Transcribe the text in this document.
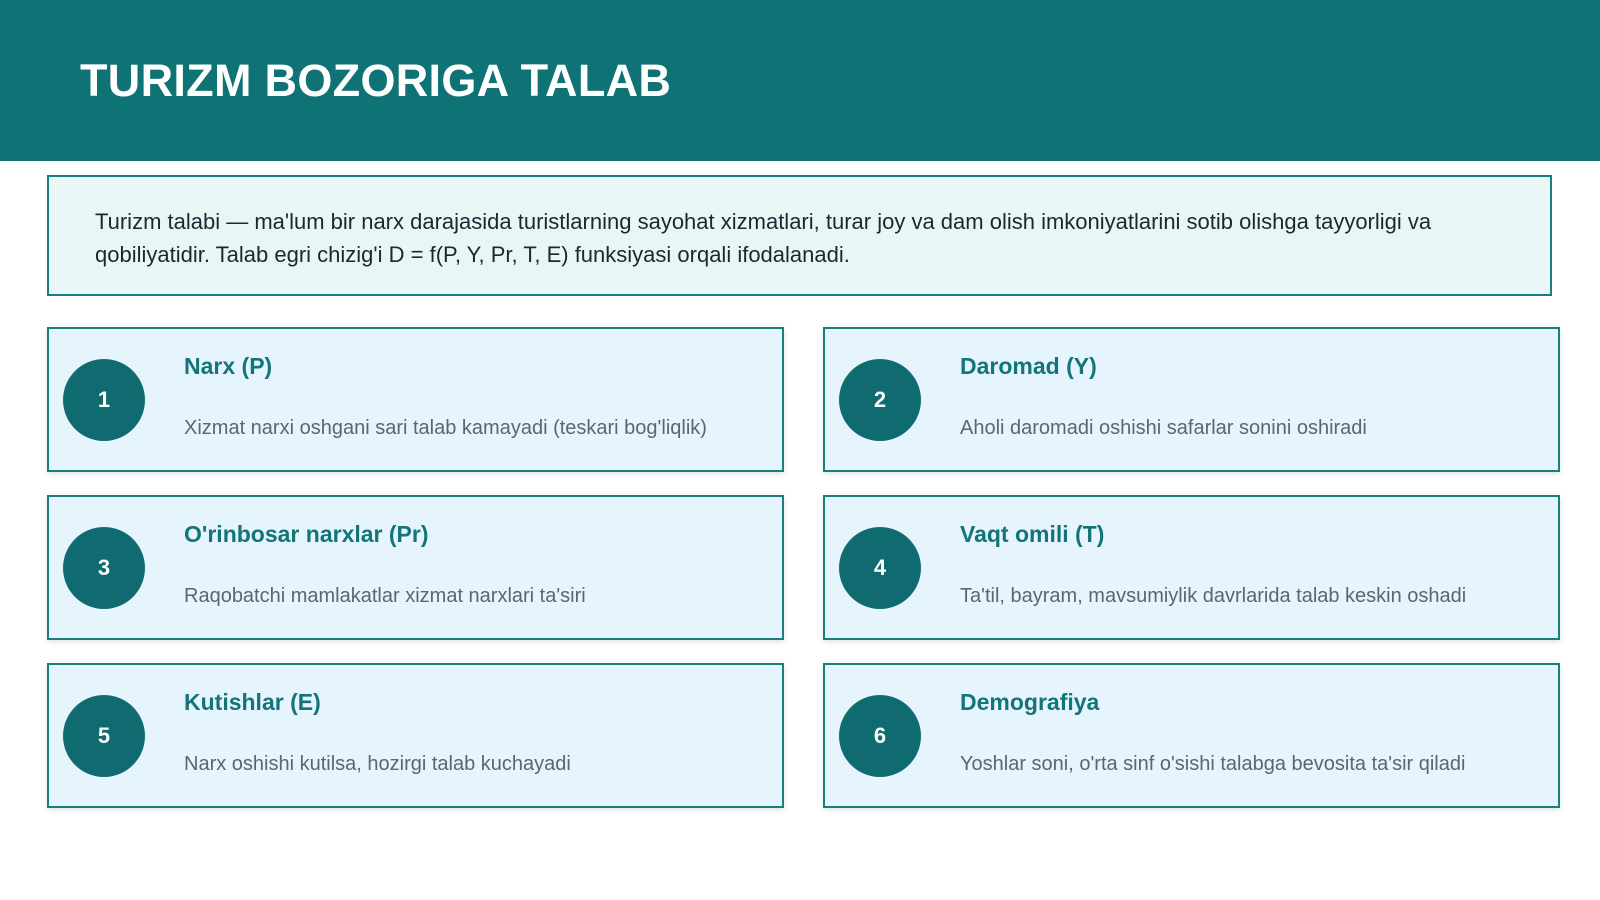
TURIZM BOZORIGA TALAB

Turizm talabi — ma'lum bir narx darajasida turistlarning sayohat xizmatlari, turar joy va dam olish imkoniyatlarini sotib olishga tayyorligi va qobiliyatidir. Talab egri chizig'i D = f(P, Y, Pr, T, E) funksiyasi orqali ifodalanadi.

1
Narx (P)

Xizmat narxi oshgani sari talab kamayadi (teskari bog'liqlik)

2
Daromad (Y)

Aholi daromadi oshishi safarlar sonini oshiradi

3
O'rinbosar narxlar (Pr)

Raqobatchi mamlakatlar xizmat narxlari ta'siri

4
Vaqt omili (T)

Ta'til, bayram, mavsumiylik davrlarida talab keskin oshadi

5
Kutishlar (E)

Narx oshishi kutilsa, hozirgi talab kuchayadi

6
Demografiya

Yoshlar soni, o'rta sinf o'sishi talabga bevosita ta'sir qiladi
